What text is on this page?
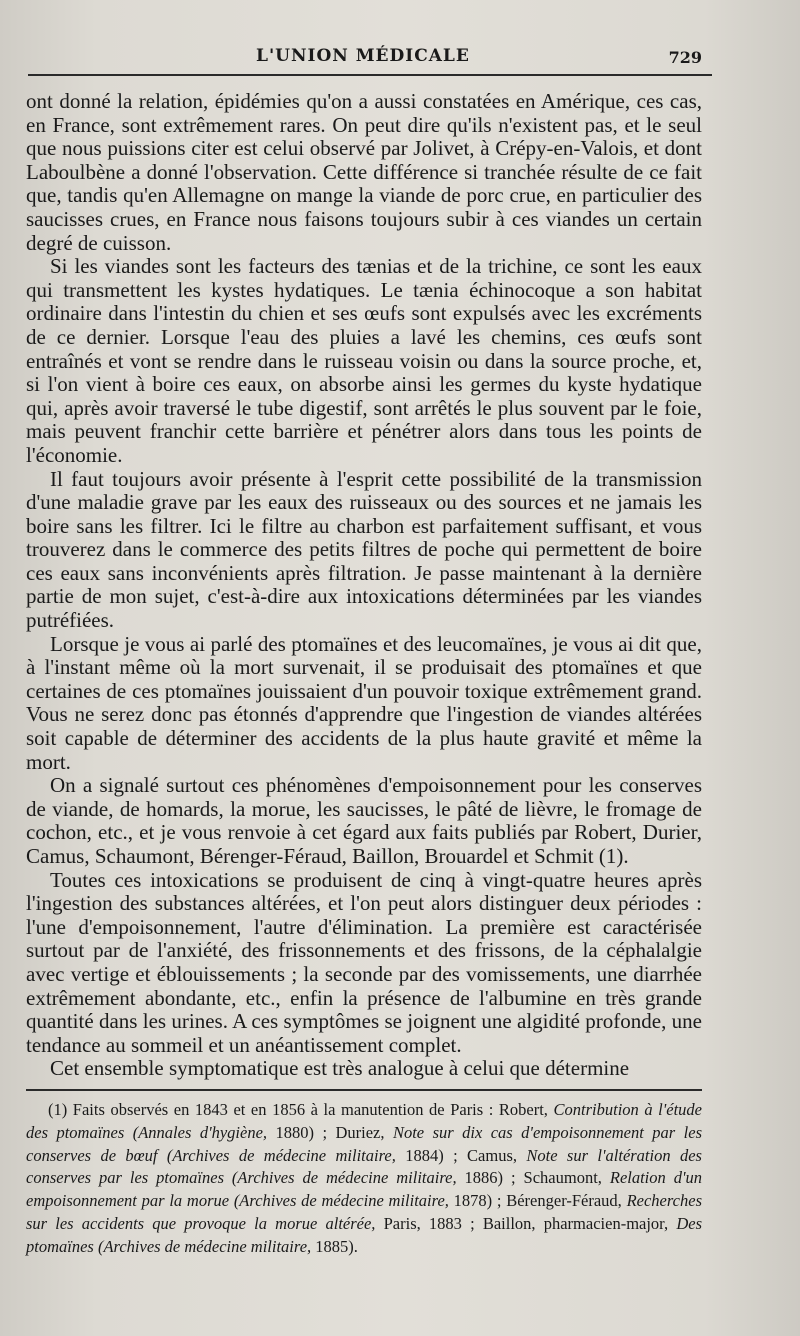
L'UNION MÉDICALE	729

ont donné la relation, épidémies qu'on a aussi constatées en Amérique, ces cas, en France, sont extrêmement rares. On peut dire qu'ils n'existent pas, et le seul que nous puissions citer est celui observé par Jolivet, à Crépy-en-Valois, et dont Laboulbène a donné l'observation. Cette différence si tranchée résulte de ce fait que, tandis qu'en Allemagne on mange la viande de porc crue, en particulier des saucisses crues, en France nous faisons toujours subir à ces viandes un certain degré de cuisson.

Si les viandes sont les facteurs des tænias et de la trichine, ce sont les eaux qui transmettent les kystes hydatiques. Le tænia échinocoque a son habitat ordinaire dans l'intestin du chien et ses œufs sont expulsés avec les excréments de ce dernier. Lorsque l'eau des pluies a lavé les chemins, ces œufs sont entraînés et vont se rendre dans le ruisseau voisin ou dans la source proche, et, si l'on vient à boire ces eaux, on absorbe ainsi les germes du kyste hydatique qui, après avoir traversé le tube digestif, sont arrêtés le plus souvent par le foie, mais peuvent franchir cette barrière et pénétrer alors dans tous les points de l'économie.

Il faut toujours avoir présente à l'esprit cette possibilité de la transmission d'une maladie grave par les eaux des ruisseaux ou des sources et ne jamais les boire sans les filtrer. Ici le filtre au charbon est parfaitement suffisant, et vous trouverez dans le commerce des petits filtres de poche qui permettent de boire ces eaux sans inconvénients après filtration. Je passe maintenant à la dernière partie de mon sujet, c'est-à-dire aux intoxications déterminées par les viandes putréfiées.

Lorsque je vous ai parlé des ptomaïnes et des leucomaïnes, je vous ai dit que, à l'instant même où la mort survenait, il se produisait des ptomaïnes et que certaines de ces ptomaïnes jouissaient d'un pouvoir toxique extrêmement grand. Vous ne serez donc pas étonnés d'apprendre que l'ingestion de viandes altérées soit capable de déterminer des accidents de la plus haute gravité et même la mort.

On a signalé surtout ces phénomènes d'empoisonnement pour les conserves de viande, de homards, la morue, les saucisses, le pâté de lièvre, le fromage de cochon, etc., et je vous renvoie à cet égard aux faits publiés par Robert, Durier, Camus, Schaumont, Bérenger-Féraud, Baillon, Brouardel et Schmit (1).

Toutes ces intoxications se produisent de cinq à vingt-quatre heures après l'ingestion des substances altérées, et l'on peut alors distinguer deux périodes : l'une d'empoisonnement, l'autre d'élimination. La première est caractérisée surtout par de l'anxiété, des frissonnements et des frissons, de la céphalalgie avec vertige et éblouissements ; la seconde par des vomissements, une diarrhée extrêmement abondante, etc., enfin la présence de l'albumine en très grande quantité dans les urines. A ces symptômes se joignent une algidité profonde, une tendance au sommeil et un anéantissement complet.

Cet ensemble symptomatique est très analogue à celui que détermine

(1) Faits observés en 1843 et en 1856 à la manutention de Paris : Robert, Contribution à l'étude des ptomaïnes (Annales d'hygiène, 1880) ; Duriez, Note sur dix cas d'empoisonnement par les conserves de bœuf (Archives de médecine militaire, 1884) ; Camus, Note sur l'altération des conserves par les ptomaïnes (Archives de médecine militaire, 1886) ; Schaumont, Relation d'un empoisonnement par la morue (Archives de médecine militaire, 1878) ; Bérenger-Féraud, Recherches sur les accidents que provoque la morue altérée, Paris, 1883 ; Baillon, pharmacien-major, Des ptomaïnes (Archives de médecine militaire, 1885).
